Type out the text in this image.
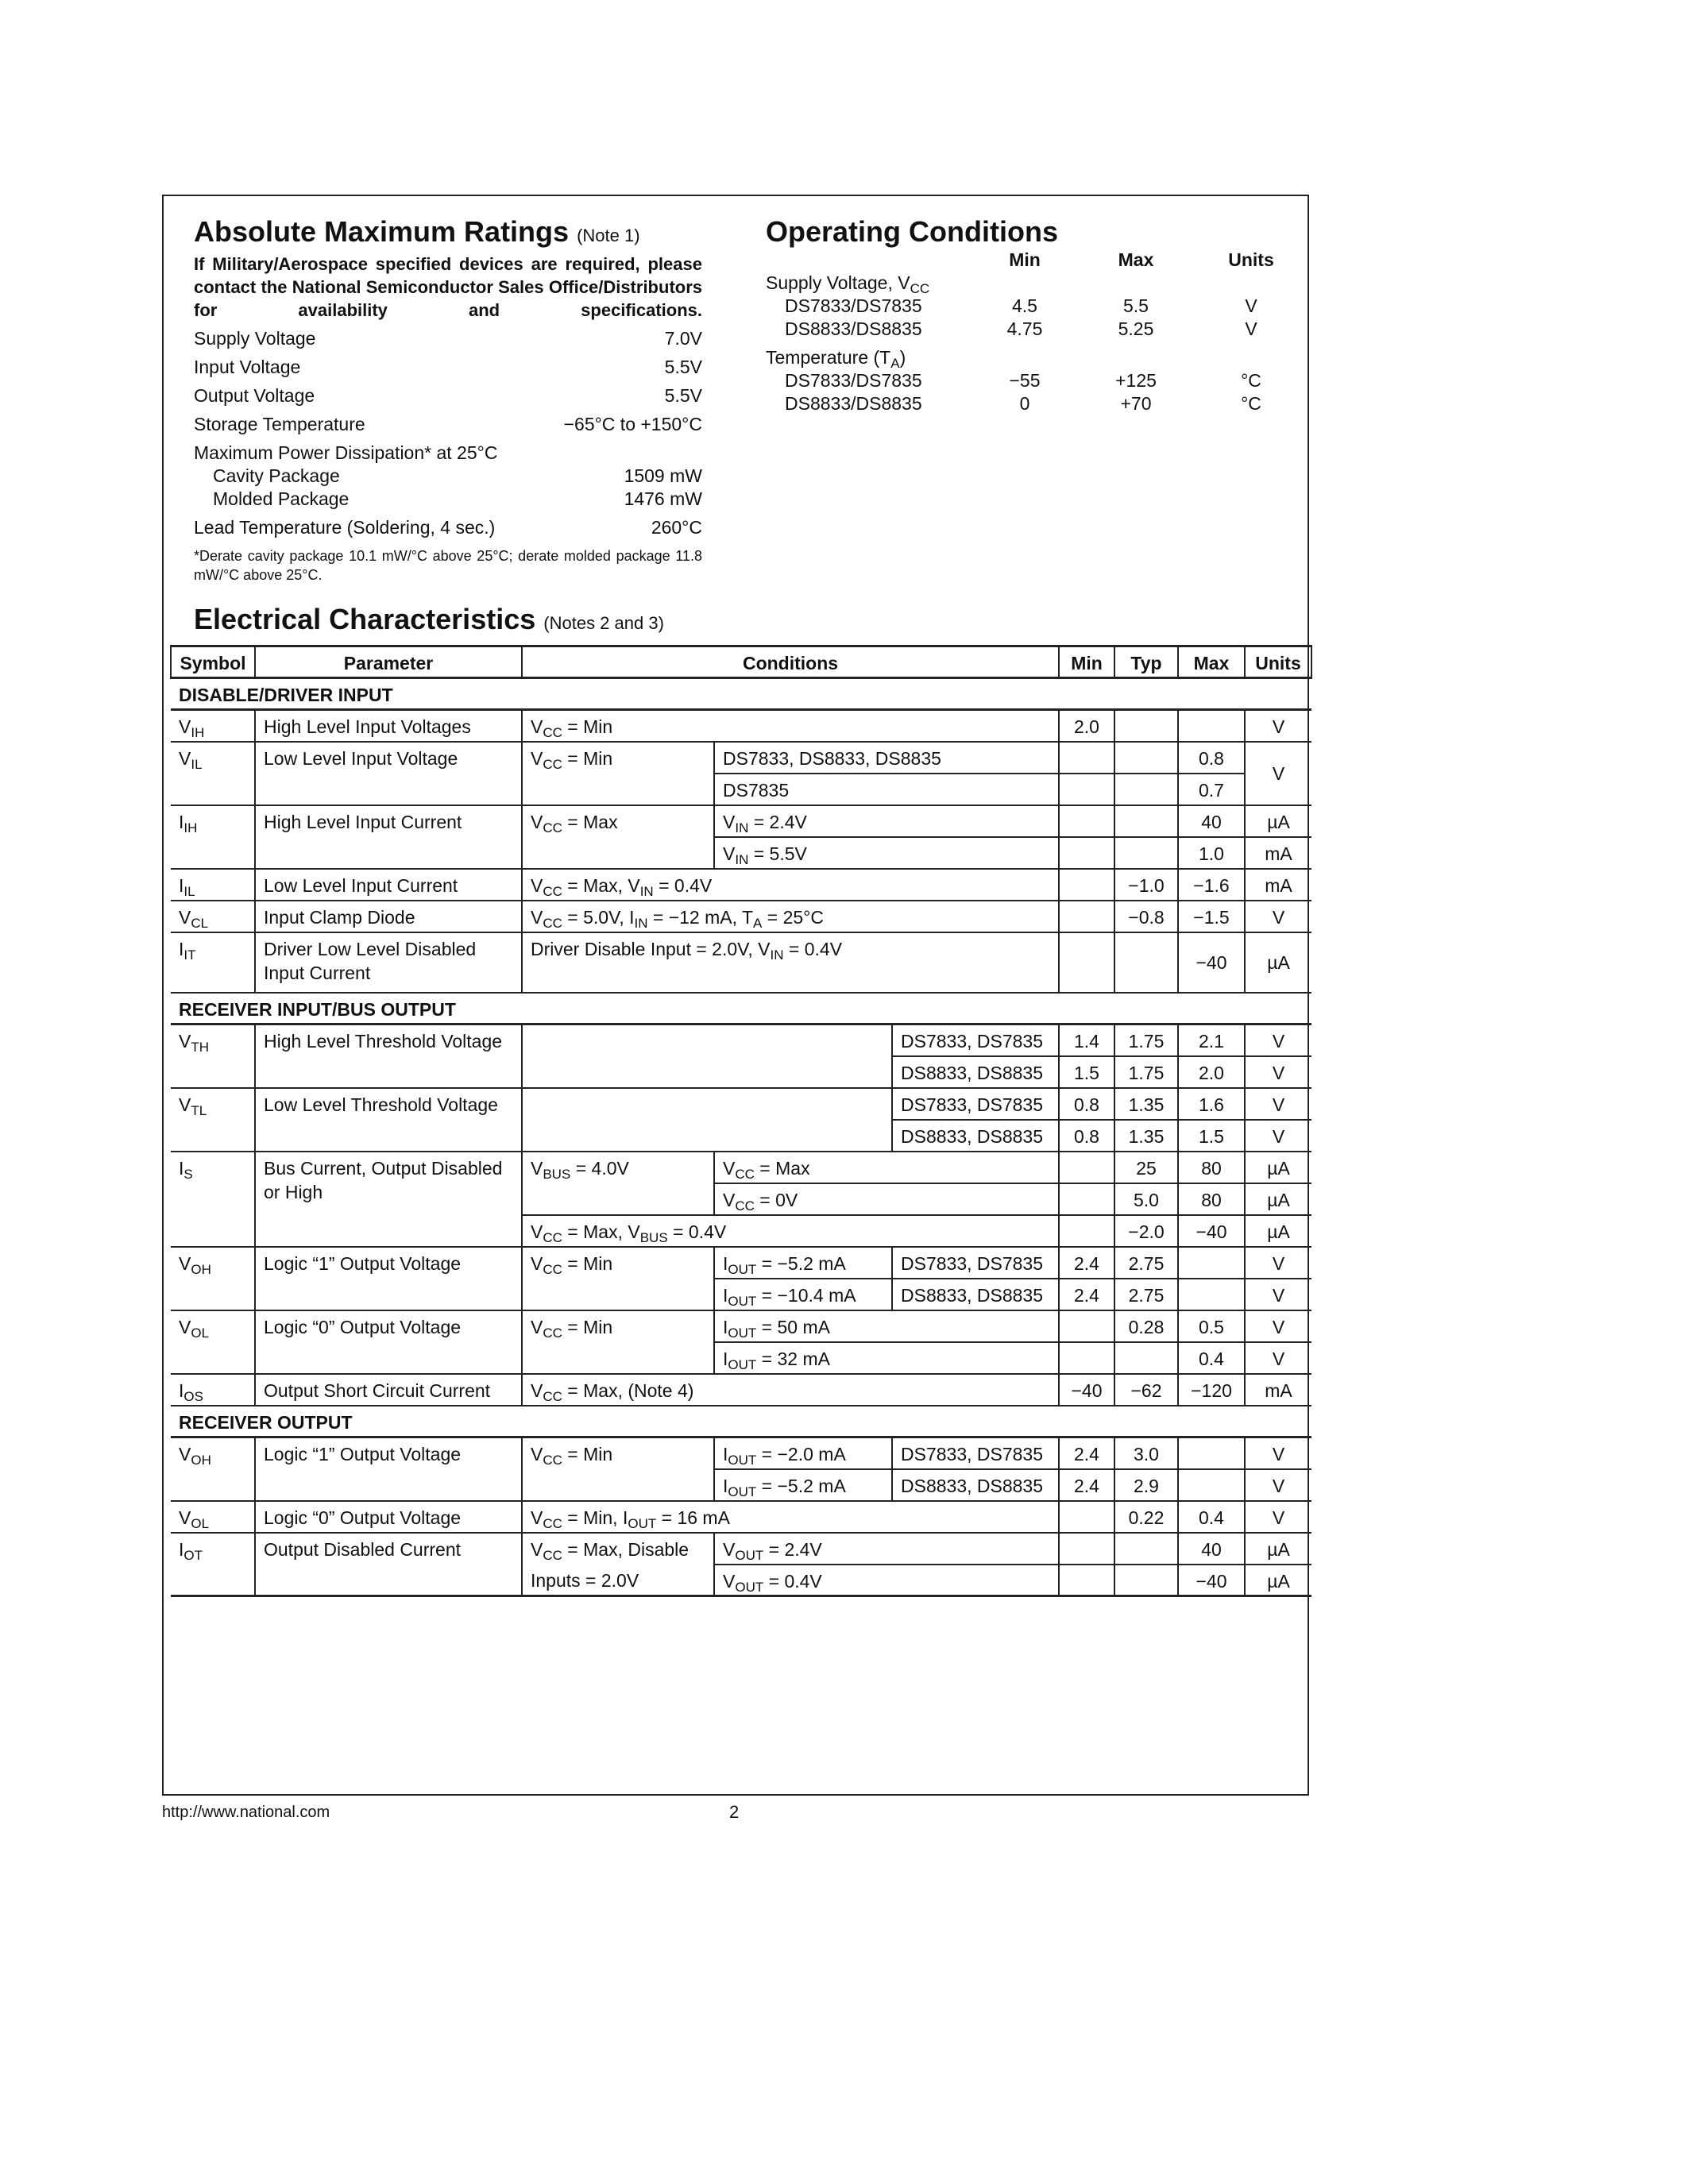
Absolute Maximum Ratings (Note 1)
If Military/Aerospace specified devices are required, please contact the National Semiconductor Sales Office/Distributors for availability and specifications.
Supply Voltage	7.0V
Input Voltage	5.5V
Output Voltage	5.5V
Storage Temperature	−65°C to +150°C
Maximum Power Dissipation* at 25°C
Cavity Package	1509 mW
Molded Package	1476 mW
Lead Temperature (Soldering, 4 sec.)	260°C
*Derate cavity package 10.1 mW/°C above 25°C; derate molded package 11.8 mW/°C above 25°C.
Operating Conditions
Min	Max	Units
Supply Voltage, $V_{CC}$
DS7833/DS7835	4.5	5.5	V
DS8833/DS8835	4.75	5.25	V
Temperature $(T_A)$
DS7833/DS7835	−55	+125	°C
DS8833/DS8835	0	+70	°C
Electrical Characteristics (Notes 2 and 3)
Symbol	Parameter	Conditions			Min	Typ	Max	Units
DISABLE/DRIVER INPUT								
$V_{IH}$	High Level Input Voltages	$V_{CC}$ = Min			2.0			V
$V_{IL}$	Low Level Input Voltage	$V_{CC}$ = Min	DS7833, DS8833, DS8835				0.8	V
			DS7835				0.7	
$I_{IH}$	High Level Input Current	$V_{CC}$ = Max	$V_{IN} = 2.4V$				40	µA
			$V_{IN} = 5.5V$				1.0	mA
$I_{IL}$	Low Level Input Current	$V_{CC}$ = Max, $V_{IN} = 0.4V$				−1.0	−1.6	mA
$V_{CL}$	Input Clamp Diode	$V_{CC} = 5.0V$, $I_{IN} = -12$ mA, $T_A = 25^\circ C$				−0.8	−1.5	V
$I_{IT}$	Driver Low Level Disabled Input Current	Driver Disable Input = 2.0V, $V_{IN} = 0.4V$					−40	µA
RECEIVER INPUT/BUS OUTPUT								
$V_{TH}$	High Level Threshold Voltage			DS7833, DS7835	1.4	1.75	2.1	V
				DS8833, DS8835	1.5	1.75	2.0	V
$V_{TL}$	Low Level Threshold Voltage			DS7833, DS7835	0.8	1.35	1.6	V
				DS8833, DS8835	0.8	1.35	1.5	V
$I_S$	Bus Current, Output Disabled or High	$V_{BUS} = 4.0V$	$V_{CC}$ = Max			25	80	µA
			$V_{CC} = 0V$			5.0	80	µA
		$V_{CC}$ = Max, $V_{BUS} = 0.4V$				−2.0	−40	µA
$V_{OH}$	Logic “1” Output Voltage	$V_{CC}$ = Min	$I_{OUT} = -5.2$ mA	DS7833, DS7835	2.4	2.75		V
			$I_{OUT} = -10.4$ mA	DS8833, DS8835	2.4	2.75		V
$V_{OL}$	Logic “0” Output Voltage	$V_{CC}$ = Min	$I_{OUT} = 50$ mA			0.28	0.5	V
			$I_{OUT} = 32$ mA				0.4	V
$I_{OS}$	Output Short Circuit Current	$V_{CC}$ = Max, (Note 4)			−40	−62	−120	mA
RECEIVER OUTPUT								
$V_{OH}$	Logic “1” Output Voltage	$V_{CC}$ = Min	$I_{OUT} = -2.0$ mA	DS7833, DS7835	2.4	3.0		V
			$I_{OUT} = -5.2$ mA	DS8833, DS8835	2.4	2.9		V
$V_{OL}$	Logic “0” Output Voltage	$V_{CC}$ = Min, $I_{OUT} = 16$ mA				0.22	0.4	V
$I_{OT}$	Output Disabled Current	$V_{CC}$ = Max, Disable	$V_{OUT} = 2.4V$				40	µA
		Inputs = 2.0V	$V_{OUT} = 0.4V$				−40	µA
http://www.national.com	2
